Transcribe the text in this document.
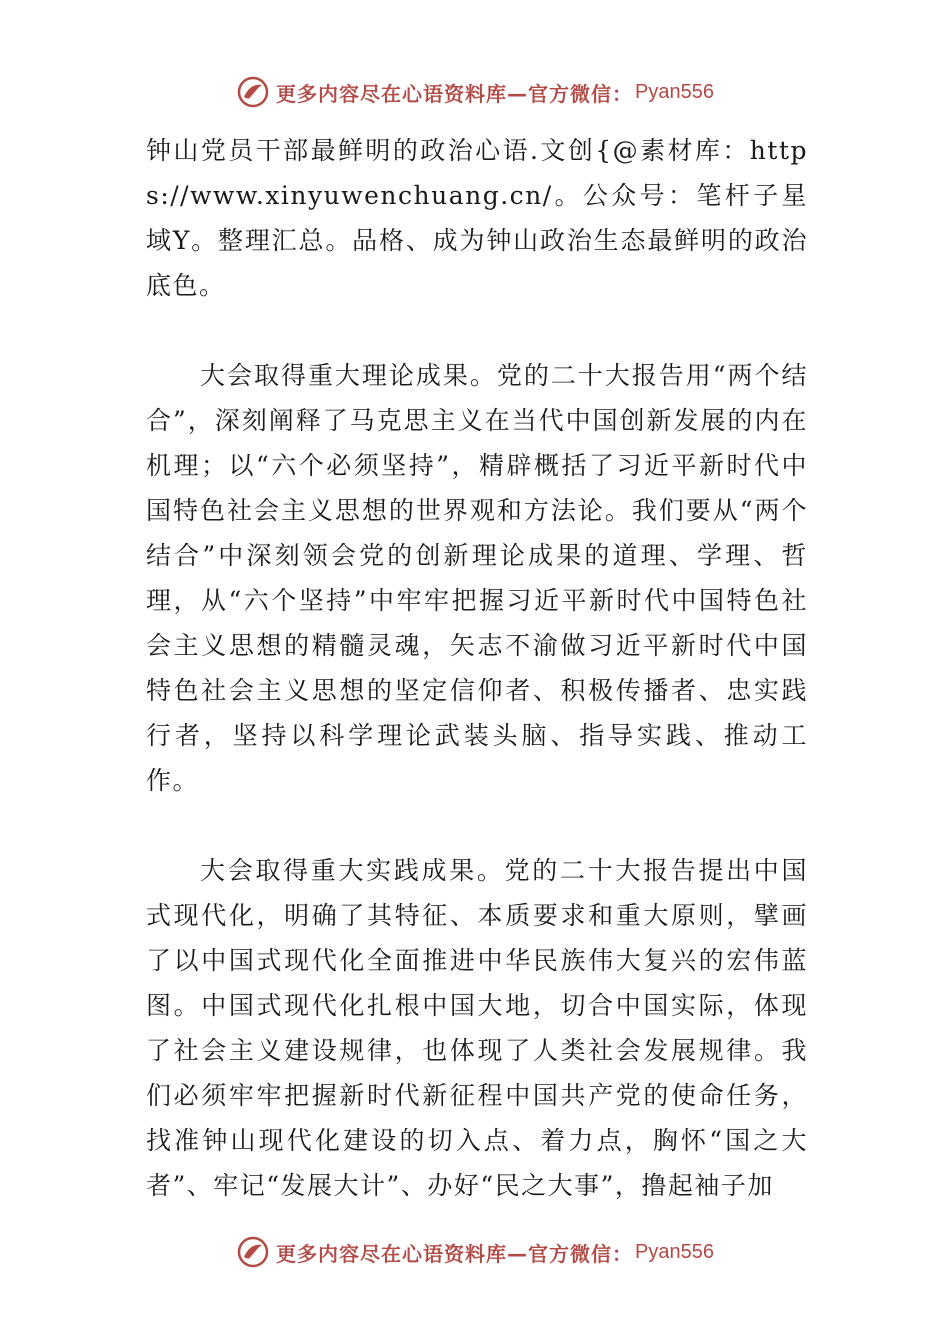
更多内容尽在心语资料库—官方微信： Pyan556

钟山党员干部最鲜明的政治心语.文创{@素材库：https://www.xinyuwenchuang.cn/。公众号：笔杆子星域Y。整理汇总。品格、成为钟山政治生态最鲜明的政治底色。

大会取得重大理论成果。党的二十大报告用“两个结合”，深刻阐释了马克思主义在当代中国创新发展的内在机理；以“六个必须坚持”，精辟概括了习近平新时代中国特色社会主义思想的世界观和方法论。我们要从“两个结合”中深刻领会党的创新理论成果的道理、学理、哲理，从“六个坚持”中牢牢把握习近平新时代中国特色社会主义思想的精髓灵魂，矢志不渝做习近平新时代中国特色社会主义思想的坚定信仰者、积极传播者、忠实践行者，坚持以科学理论武装头脑、指导实践、推动工作。

大会取得重大实践成果。党的二十大报告提出中国式现代化，明确了其特征、本质要求和重大原则，擘画了以中国式现代化全面推进中华民族伟大复兴的宏伟蓝图。中国式现代化扎根中国大地，切合中国实际，体现了社会主义建设规律，也体现了人类社会发展规律。我们必须牢牢把握新时代新征程中国共产党的使命任务，找准钟山现代化建设的切入点、着力点，胸怀“国之大者”、牢记“发展大计”、办好“民之大事”，撸起袖子加

更多内容尽在心语资料库—官方微信： Pyan556
